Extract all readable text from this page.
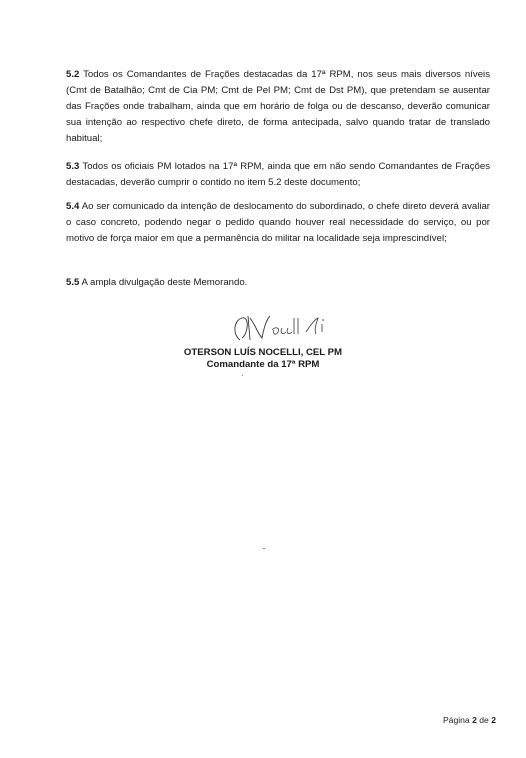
5.2 Todos os Comandantes de Frações destacadas da 17ª RPM, nos seus mais diversos níveis (Cmt de Batalhão; Cmt de Cia PM; Cmt de Pel PM; Cmt de Dst PM), que pretendam se ausentar das Frações onde trabalham, ainda que em horário de folga ou de descanso, deverão comunicar sua intenção ao respectivo chefe direto, de forma antecipada, salvo quando tratar de translado habitual;

5.3 Todos os oficiais PM lotados na 17ª RPM, ainda que em não sendo Comandantes de Frações destacadas, deverão cumprir o contido no item 5.2 deste documento;

5.4 Ao ser comunicado da intenção de deslocamento do subordinado, o chefe direto deverá avaliar o caso concreto, podendo negar o pedido quando houver real necessidade do serviço, ou por motivo de força maior em que a permanência do militar na localidade seja imprescindível;

5.5 A ampla divulgação deste Memorando.

OTERSON LUÍS NOCELLI, CEL PM
Comandante da 17ª RPM
Página 2 de 2
